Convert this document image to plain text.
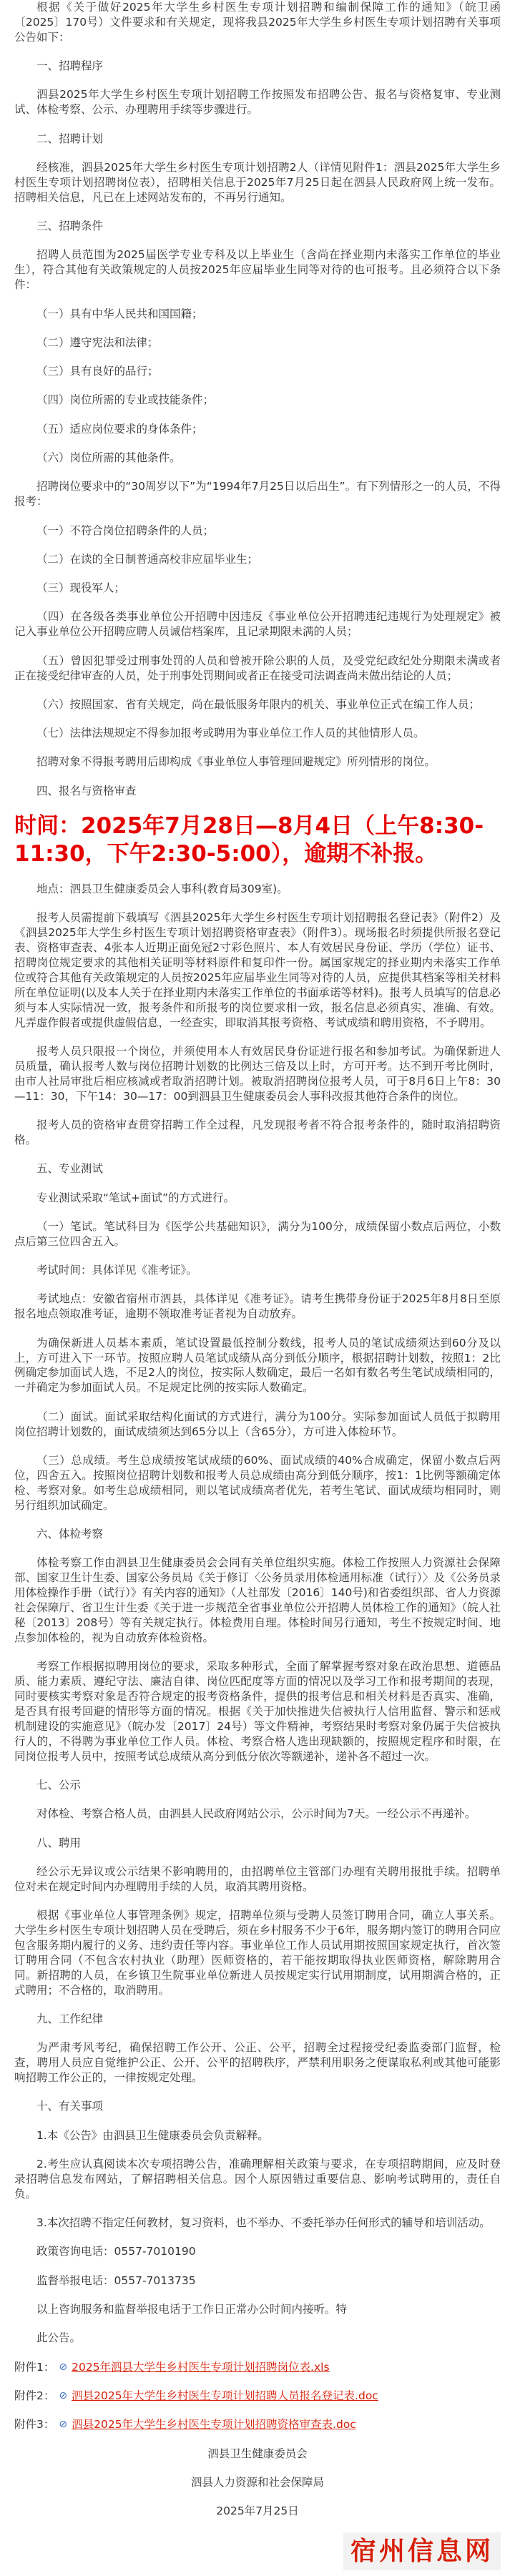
根据《关于做好2025年大学生乡村医生专项计划招聘和编制保障工作的通知》（皖卫函〔2025〕170号）文件要求和有关规定，现将我县2025年大学生乡村医生专项计划招聘有关事项公告如下：
一、招聘程序
泗县2025年大学生乡村医生专项计划招聘工作按照发布招聘公告、报名与资格复审、专业测试、体检考察、公示、办理聘用手续等步骤进行。
二、招聘计划
经核准，泗县2025年大学生乡村医生专项计划招聘2人（详情见附件1：泗县2025年大学生乡村医生专项计划招聘岗位表），招聘相关信息于2025年7月25日起在泗县人民政府网上统一发布。招聘相关信息，凡已在上述网站发布的，不再另行通知。
三、招聘条件
招聘人员范围为2025届医学专业专科及以上毕业生（含尚在择业期内未落实工作单位的毕业生），符合其他有关政策规定的人员按2025年应届毕业生同等对待的也可报考。且必须符合以下条件：
（一）具有中华人民共和国国籍；
（二）遵守宪法和法律；
（三）具有良好的品行；
（四）岗位所需的专业或技能条件；
（五）适应岗位要求的身体条件；
（六）岗位所需的其他条件。
招聘岗位要求中的“30周岁以下”为“1994年7月25日以后出生”。有下列情形之一的人员，不得报考：
（一）不符合岗位招聘条件的人员；
（二）在读的全日制普通高校非应届毕业生；
（三）现役军人；
（四）在各级各类事业单位公开招聘中因违反《事业单位公开招聘违纪违规行为处理规定》被记入事业单位公开招聘应聘人员诚信档案库，且记录期限未满的人员；
（五）曾因犯罪受过刑事处罚的人员和曾被开除公职的人员，及受党纪政纪处分期限未满或者正在接受纪律审查的人员，处于刑事处罚期间或者正在接受司法调查尚未做出结论的人员；
（六）按照国家、省有关规定，尚在最低服务年限内的机关、事业单位正式在编工作人员；
（七）法律法规规定不得参加报考或聘用为事业单位工作人员的其他情形人员。
招聘对象不得报考聘用后即构成《事业单位人事管理回避规定》所列情形的岗位。
四、报名与资格审查
时间：2025年7月28日—8月4日（上午8:30-11:30，下午2:30-5:00），逾期不补报。
地点：泗县卫生健康委员会人事科(教育局309室)。
报考人员需提前下载填写《泗县2025年大学生乡村医生专项计划招聘报名登记表》（附件2）及《泗县2025年大学生乡村医生专项计划招聘资格审查表》（附件3）。现场报名时须提供所报名登记表、资格审查表、4张本人近期正面免冠2寸彩色照片、本人有效居民身份证、学历（学位）证书、招聘岗位规定要求的其他相关证明等材料原件和复印件一份。属国家规定的择业期内未落实工作单位或符合其他有关政策规定的人员按2025年应届毕业生同等对待的人员，应提供其档案等相关材料所在单位证明(以及本人关于在择业期内未落实工作单位的书面承诺等材料)。报考人员填写的信息必须与本人实际情况一致，报考条件和所报考的岗位要求相一致，报名信息必须真实、准确、有效。凡弄虚作假者或提供虚假信息，一经查实，即取消其报考资格、考试成绩和聘用资格，不予聘用。
报考人员只限报一个岗位，并须使用本人有效居民身份证进行报名和参加考试。为确保新进人员质量，确认报考人数与岗位招聘计划数的比例达三倍及以上时，方可开考。达不到开考比例时，由市人社局审批后相应核减或者取消招聘计划。被取消招聘岗位报考人员，可于8月6日上午8：30—11：30，下午14：30—17：00到泗县卫生健康委员会人事科改报其他符合条件的岗位。
报考人员的资格审查贯穿招聘工作全过程，凡发现报考者不符合报考条件的，随时取消招聘资格。
五、专业测试
专业测试采取“笔试+面试”的方式进行。
（一）笔试。笔试科目为《医学公共基础知识》，满分为100分，成绩保留小数点后两位，小数点后第三位四舍五入。
考试时间：具体详见《准考证》。
考试地点：安徽省宿州市泗县，具体详见《准考证》。请考生携带身份证于2025年8月8日至原报名地点领取准考证，逾期不领取准考证者视为自动放弃。
为确保新进人员基本素质，笔试设置最低控制分数线，报考人员的笔试成绩须达到60分及以上，方可进入下一环节。按照应聘人员笔试成绩从高分到低分顺序，根据招聘计划数，按照1：2比例确定参加面试人选，不足2人的岗位，按实际人数确定，最后一名如有数名考生笔试成绩相同的，一并确定为参加面试人员。不足规定比例的按实际人数确定。
（二）面试。面试采取结构化面试的方式进行，满分为100分。实际参加面试人员低于拟聘用岗位招聘计划数的，面试成绩须达到65分以上（含65分），方可进入体检环节。
（三）总成绩。考生总成绩按笔试成绩的60%、面试成绩的40%合成确定，保留小数点后两位，四舍五入。按照岗位招聘计划数和报考人员总成绩由高分到低分顺序，按1：1比例等额确定体检、考察对象。如考生总成绩相同，则以笔试成绩高者优先，若考生笔试、面试成绩均相同时，则另行组织加试确定。
六、体检考察
体检考察工作由泗县卫生健康委员会会同有关单位组织实施。体检工作按照人力资源社会保障部、国家卫生计生委、国家公务员局《关于修订〈公务员录用体检通用标准（试行）〉及《公务员录用体检操作手册（试行）》有关内容的通知》（人社部发〔2016〕140号)和省委组织部、省人力资源社会保障厅、省卫生计生委《关于进一步规范全省事业单位公开招聘人员体检工作的通知》（皖人社秘〔2013〕208号）等有关规定执行。体检费用自理。体检时间另行通知，考生不按规定时间、地点参加体检的，视为自动放弃体检资格。
考察工作根据拟聘用岗位的要求，采取多种形式，全面了解掌握考察对象在政治思想、道德品质、能力素质、遵纪守法、廉洁自律、岗位匹配度等方面的情况以及学习工作和报考期间的表现，同时要核实考察对象是否符合规定的报考资格条件，提供的报考信息和相关材料是否真实、准确，是否具有报考回避的情形等方面的情况。根据《关于加快推进失信被执行人信用监督、警示和惩戒机制建设的实施意见》（皖办发〔2017〕24号）等文件精神，考察结果时考察对象仍属于失信被执行人的，不得聘为事业单位工作人员。体检、考察合格人选出现缺额的，按照规定程序和时限，在同岗位报考人员中，按照考试总成绩从高分到低分依次等额递补，递补各不超过一次。
七、公示
对体检、考察合格人员，由泗县人民政府网站公示，公示时间为7天。一经公示不再递补。
八、聘用
经公示无异议或公示结果不影响聘用的，由招聘单位主管部门办理有关聘用报批手续。招聘单位对未在规定时间内办理聘用手续的人员，取消其聘用资格。
根据《事业单位人事管理条例》规定，招聘单位须与受聘人员签订聘用合同，确立人事关系。大学生乡村医生专项计划招聘人员在受聘后，须在乡村服务不少于6年，服务期内签订的聘用合同应包含服务期内履行的义务、违约责任等内容。事业单位工作人员试用期按照国家规定执行，首次签订聘用合同（不包含农村执业（助理）医师资格的，若干能按期取得执业医师资格，解除聘用合同。新招聘的人员，在乡镇卫生院事业单位新进人员按规定实行试用期制度，试用期满合格的，正式聘用；不合格的，取消聘用。
九、工作纪律
为严肃考风考纪，确保招聘工作公开、公正、公平，招聘全过程接受纪委监委部门监督，检查，聘用人员应自觉维护公正、公开、公平的招聘秩序，严禁利用职务之便谋取私利或其他可能影响招聘工作公正的，一律按规定处理。
十、有关事项
1.本《公告》由泗县卫生健康委员会负责解释。
2.考生应认真阅读本次专项招聘公告，准确理解相关政策与要求，在专项招聘期间，应及时登录招聘信息发布网站，了解招聘相关信息。因个人原因错过重要信息、影响考试聘用的，责任自负。
3.本次招聘不指定任何教材，复习资料，也不举办、不委托举办任何形式的辅导和培训活动。
政策咨询电话：0557-7010190
监督举报电话：0557-7013735
以上咨询服务和监督举报电话于工作日正常办公时间内接听。特
此公告。
附件1： ⊘ 2025年泗县大学生乡村医生专项计划招聘岗位表.xls
附件2： ⊘ 泗县2025年大学生乡村医生专项计划招聘人员报名登记表.doc
附件3： ⊘ 泗县2025年大学生乡村医生专项计划招聘资格审查表.doc
泗县卫生健康委员会
泗县人力资源和社会保障局
2025年7月25日
宿州信息网
